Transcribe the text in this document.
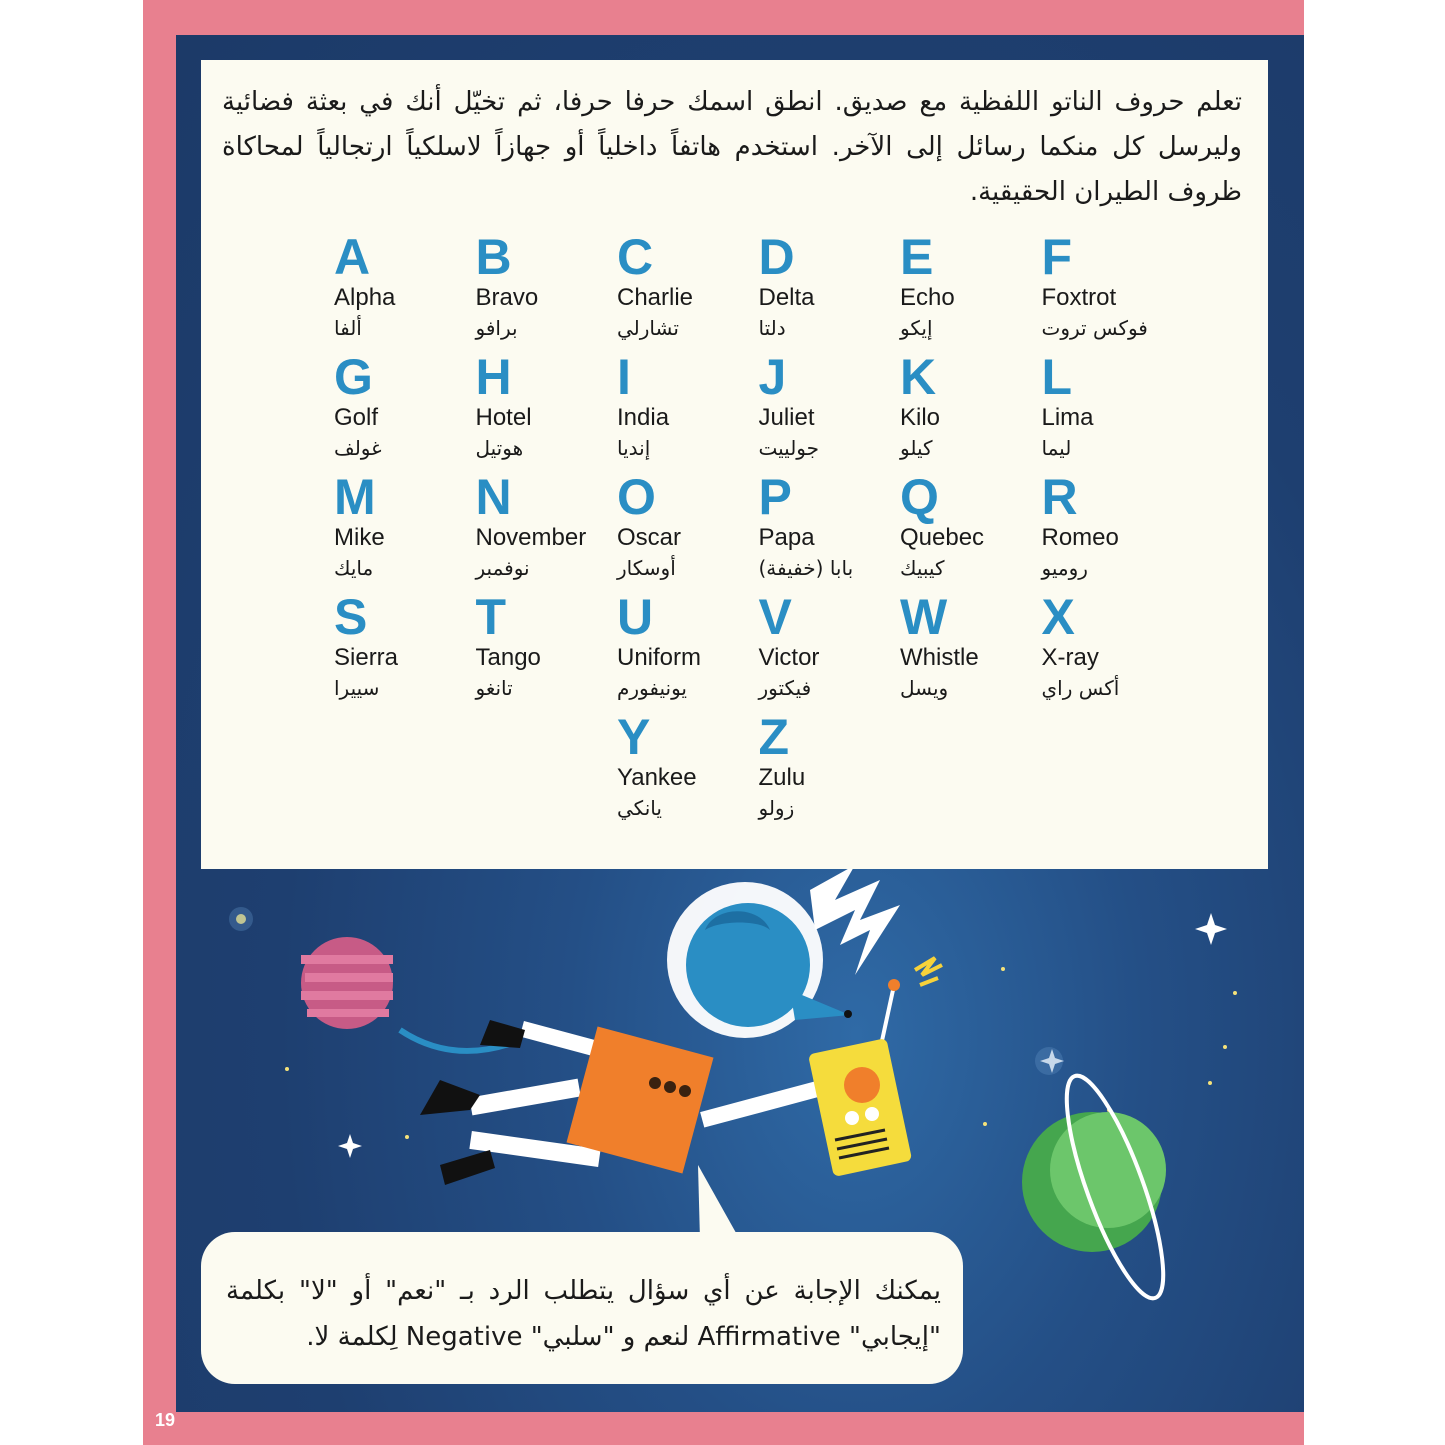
تعلم حروف الناتو اللفظية مع صديق. انطق اسمك حرفا حرفا، ثم تخيّل أنك في بعثة فضائية وليرسل كل منكما رسائل إلى الآخر. استخدم هاتفاً داخلياً أو جهازاً لاسلكياً ارتجالياً لمحاكاة ظروف الطيران الحقيقية.

A

Alpha

ألفا

B

Bravo

برافو

C

Charlie

تشارلي

D

Delta

دلتا

E

Echo

إيكو

F

Foxtrot

فوكس تروت

G

Golf

غولف

H

Hotel

هوتيل

I

India

إنديا

J

Juliet

جولييت

K

Kilo

كيلو

L

Lima

ليما

M

Mike

مايك

N

November

نوفمبر

O

Oscar

أوسكار

P

Papa

بابا (خفيفة)

Q

Quebec

كيبيك

R

Romeo

روميو

S

Sierra

سييرا

T

Tango

تانغو

U

Uniform

يونيفورم

V

Victor

فيكتور

W

Whistle

ويسل

X

X-ray

أكس راي

Y

Yankee

يانكي

Z

Zulu

زولو

يمكنك الإجابة عن أي سؤال يتطلب الرد بـ "نعم" أو "لا" بكلمة "إيجابي" Affirmative لنعم و "سلبي" Negative لِكلمة لا.

19
